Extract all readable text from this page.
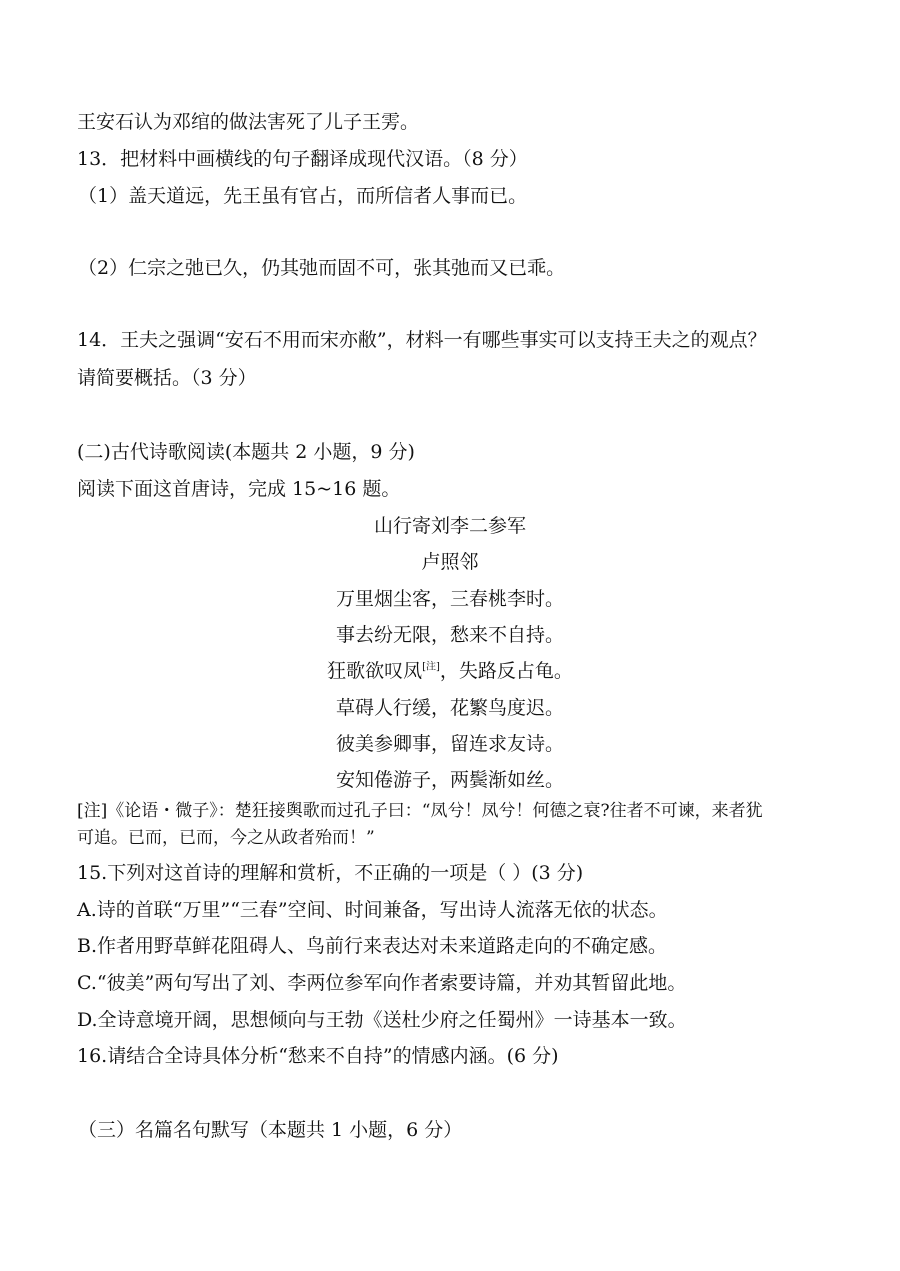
王安石认为邓绾的做法害死了儿子王雱。
13．把材料中画横线的句子翻译成现代汉语。（8 分）
（1）盖天道远，先王虽有官占，而所信者人事而已。
（2）仁宗之弛已久，仍其弛而固不可，张其弛而又已乖。
14．王夫之强调“安石不用而宋亦敝”，材料一有哪些事实可以支持王夫之的观点？
请简要概括。（3 分）
(二)古代诗歌阅读(本题共 2 小题，9 分)
阅读下面这首唐诗，完成 15~16 题。
山行寄刘李二参军
卢照邻
万里烟尘客，三春桃李时。
事去纷无限，愁来不自持。
狂歌欲叹凤[注]，失路反占龟。
草碍人行缓，花繁鸟度迟。
彼美参卿事，留连求友诗。
安知倦游子，两鬓渐如丝。
[注]《论语・微子》：楚狂接舆歌而过孔子曰：“凤兮！凤兮！何德之衰?往者不可谏，来者犹
可追。已而，已而，今之从政者殆而！”
15.下列对这首诗的理解和赏析，不正确的一项是（ ）(3 分)
A.诗的首联“万里”“三春”空间、时间兼备，写出诗人流落无依的状态。
B.作者用野草鲜花阻碍人、鸟前行来表达对未来道路走向的不确定感。
C.“彼美”两句写出了刘、李两位参军向作者索要诗篇，并劝其暂留此地。
D.全诗意境开阔，思想倾向与王勃《送杜少府之任蜀州》一诗基本一致。
16.请结合全诗具体分析“愁来不自持”的情感内涵。(6 分)
（三）名篇名句默写（本题共 1 小题，6 分）
